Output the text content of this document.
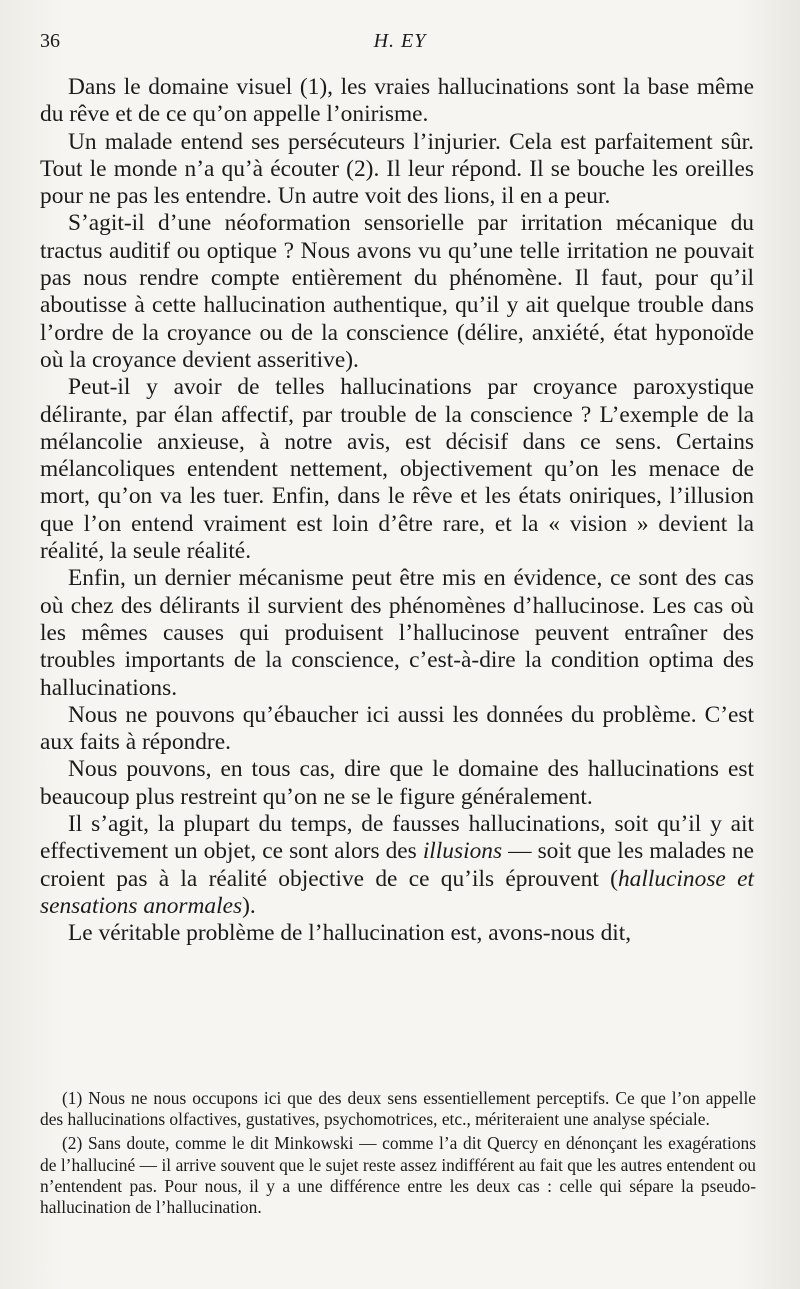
36	H. EY

Dans le domaine visuel (1), les vraies hallucinations sont la base même du rêve et de ce qu’on appelle l’onirisme.

Un malade entend ses persécuteurs l’injurier. Cela est parfaitement sûr. Tout le monde n’a qu’à écouter (2). Il leur répond. Il se bouche les oreilles pour ne pas les entendre. Un autre voit des lions, il en a peur.

S’agit-il d’une néoformation sensorielle par irritation mécanique du tractus auditif ou optique ? Nous avons vu qu’une telle irritation ne pouvait pas nous rendre compte entièrement du phénomène. Il faut, pour qu’il aboutisse à cette hallucination authentique, qu’il y ait quelque trouble dans l’ordre de la croyance ou de la conscience (délire, anxiété, état hyponoïde où la croyance devient asseritive).

Peut-il y avoir de telles hallucinations par croyance paroxystique délirante, par élan affectif, par trouble de la conscience ? L’exemple de la mélancolie anxieuse, à notre avis, est décisif dans ce sens. Certains mélancoliques entendent nettement, objectivement qu’on les menace de mort, qu’on va les tuer. Enfin, dans le rêve et les états oniriques, l’illusion que l’on entend vraiment est loin d’être rare, et la « vision » devient la réalité, la seule réalité.

Enfin, un dernier mécanisme peut être mis en évidence, ce sont des cas où chez des délirants il survient des phénomènes d’hallucinose. Les cas où les mêmes causes qui produisent l’hallucinose peuvent entraîner des troubles importants de la conscience, c’est-à-dire la condition optima des hallucinations.

Nous ne pouvons qu’ébaucher ici aussi les données du problème. C’est aux faits à répondre.

Nous pouvons, en tous cas, dire que le domaine des hallucinations est beaucoup plus restreint qu’on ne se le figure généralement.

Il s’agit, la plupart du temps, de fausses hallucinations, soit qu’il y ait effectivement un objet, ce sont alors des illusions — soit que les malades ne croient pas à la réalité objective de ce qu’ils éprouvent (hallucinose et sensations anormales).

Le véritable problème de l’hallucination est, avons-nous dit,

(1) Nous ne nous occupons ici que des deux sens essentiellement perceptifs. Ce que l’on appelle des hallucinations olfactives, gustatives, psychomotrices, etc., mériteraient une analyse spéciale.

(2) Sans doute, comme le dit Minkowski — comme l’a dit Quercy en dénonçant les exagérations de l’halluciné — il arrive souvent que le sujet reste assez indifférent au fait que les autres entendent ou n’entendent pas. Pour nous, il y a une différence entre les deux cas : celle qui sépare la pseudo-hallucination de l’hallucination.
